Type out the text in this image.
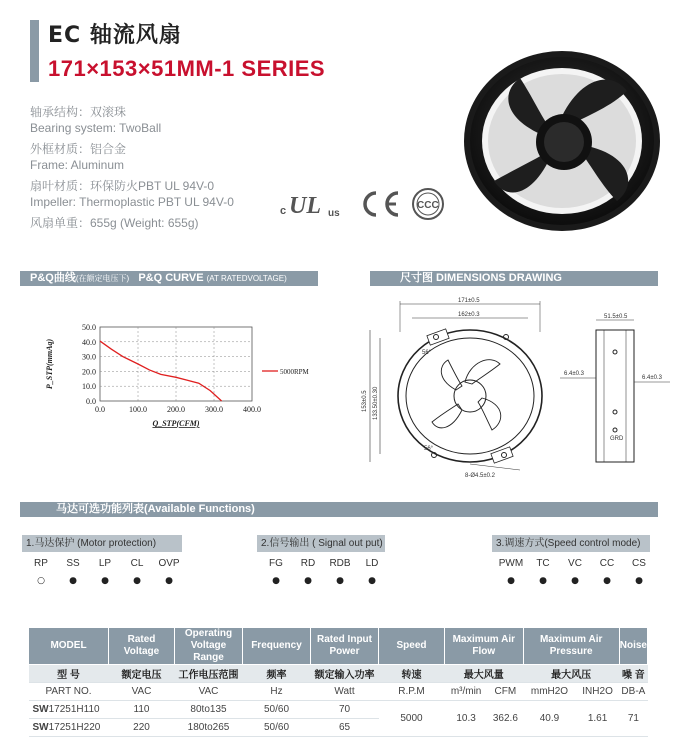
EC 轴流风扇
171×153×51MM-1 SERIES
轴承结构：双滚珠
Bearing system: TwoBall
外框材质：铝合金
Frame: Aluminum
扇叶材质：环保防火PBT UL 94V-0
Impeller: Thermoplastic PBT UL 94V-0
风扇单重：655g (Weight: 655g)
c UL us
CCC
P&Q曲线(在额定电压下) P&Q CURVE (AT RATEDVOLTAGE)
0.0
10.0
20.0
30.0
40.0
50.0
0.0	100.0	200.0	300.0	400.0
Q_STP(CFM)
P_STP(mmAq)	5000RPM
尺寸图 DIMENSIONS DRAWING
171±0.5
162±0.3
153±0.5 133.50±0.30
56°
56°
8-Ø4.5±0.2
51.5±0.5
6.4±0.3
6.4±0.3
GRD
马达可选功能列表(Available Functions)
1.马达保护 (Motor protection)
RP
○
SS
●
LP
●
CL
●
OVP
●
2.信号输出 ( Signal out put)
FG
●
RD
●
RDB
●
LD
●
3.调速方式(Speed control mode)
PWM
●
TC
●
VC
●
CC
●
CS
●
MODEL	Rated Voltage	Operating Voltage Range	Frequency	Rated Input Power	Speed	Maximum Air Flow		Maximum Air Pressure		Noise
型 号	额定电压	工作电压范围	频率	额定输入功率	转速	最大风量		最大风压		噪 音
PART NO.	VAC	VAC	Hz	Watt	R.P.M	m³/min	CFM	mmH2O	INH2O	DB-A
SW17251H110	110	80to135	50/60	70	5000	10.3	362.6	40.9	1.61	71
SW17251H220	220	180to265	50/60	65						
